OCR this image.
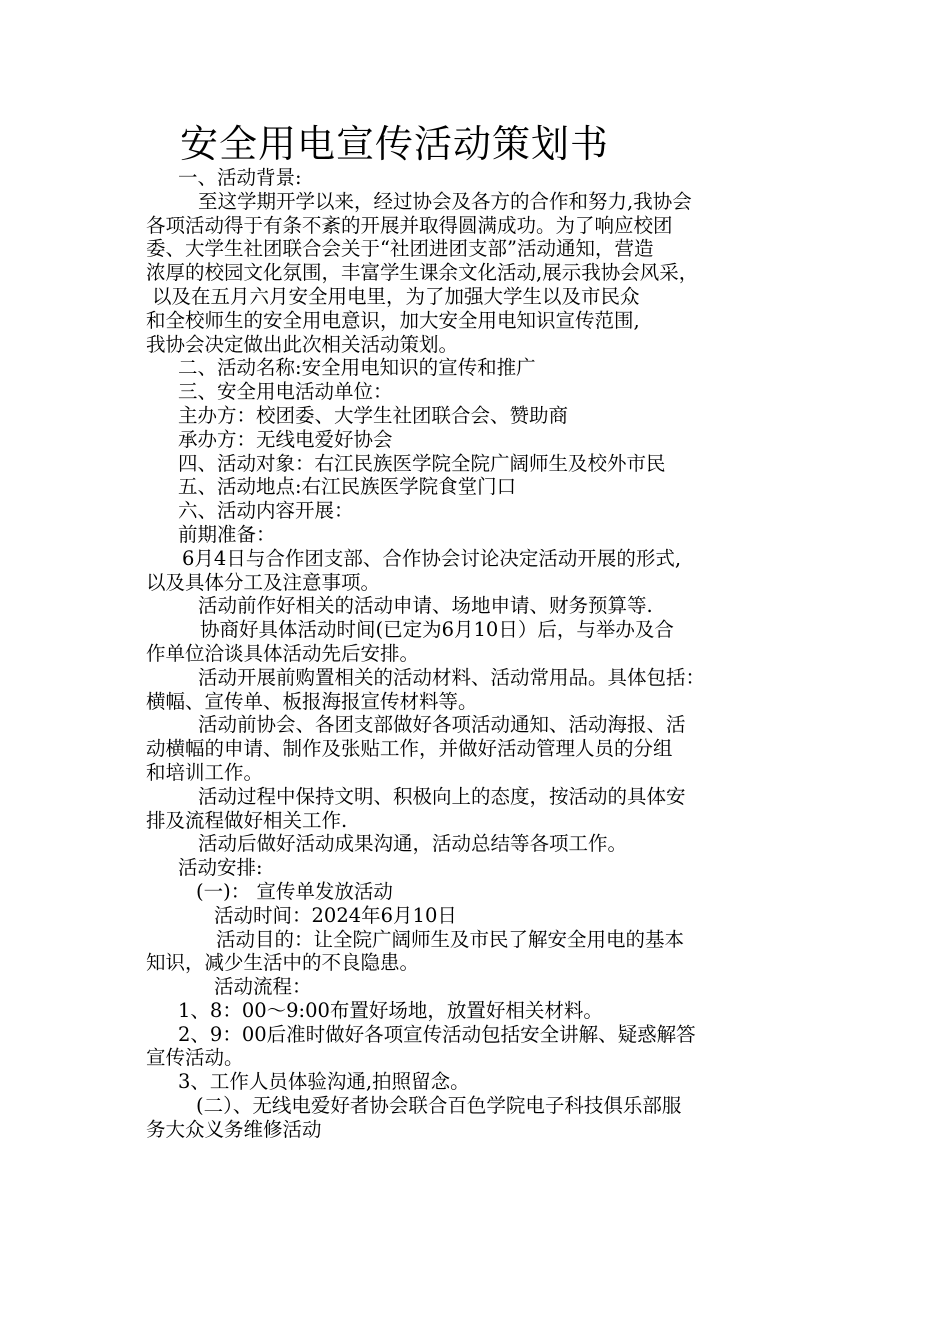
安全用电宣传活动策划书
一、活动背景:
至这学期开学以来，经过协会及各方的合作和努力,我协会
各项活动得于有条不紊的开展并取得圆满成功。为了响应校团
委、大学生社团联合会关于“社团进团支部”活动通知，营造
浓厚的校园文化氛围，丰富学生课余文化活动,展示我协会风采，
以及在五月六月安全用电里，为了加强大学生以及市民众
和全校师生的安全用电意识，加大安全用电知识宣传范围,
我协会决定做出此次相关活动策划。
二、活动名称:安全用电知识的宣传和推广
三、安全用电活动单位：
主办方：校团委、大学生社团联合会、赞助商
承办方：无线电爱好协会
四、活动对象：右江民族医学院全院广阔师生及校外市民
五、活动地点:右江民族医学院食堂门口
六、活动内容开展：
前期准备：
6月4日与合作团支部、合作协会讨论决定活动开展的形式,
以及具体分工及注意事项。
活动前作好相关的活动申请、场地申请、财务预算等.
协商好具体活动时间(已定为6月10日）后，与举办及合
作单位洽谈具体活动先后安排。
活动开展前购置相关的活动材料、活动常用品。具体包括：
横幅、宣传单、板报海报宣传材料等。
活动前协会、各团支部做好各项活动通知、活动海报、活
动横幅的申请、制作及张贴工作，并做好活动管理人员的分组
和培训工作。
活动过程中保持文明、积极向上的态度，按活动的具体安
排及流程做好相关工作.
活动后做好活动成果沟通，活动总结等各项工作。
活动安排:
(一)： 宣传单发放活动
活动时间：2024年6月10日
活动目的：让全院广阔师生及市民了解安全用电的基本
知识，减少生活中的不良隐患。
活动流程：
1、8：00～9:00布置好场地，放置好相关材料。
2、9：00后准时做好各项宣传活动包括安全讲解、疑惑解答
宣传活动。
3、工作人员体验沟通,拍照留念。
(二）、无线电爱好者协会联合百色学院电子科技俱乐部服
务大众义务维修活动
